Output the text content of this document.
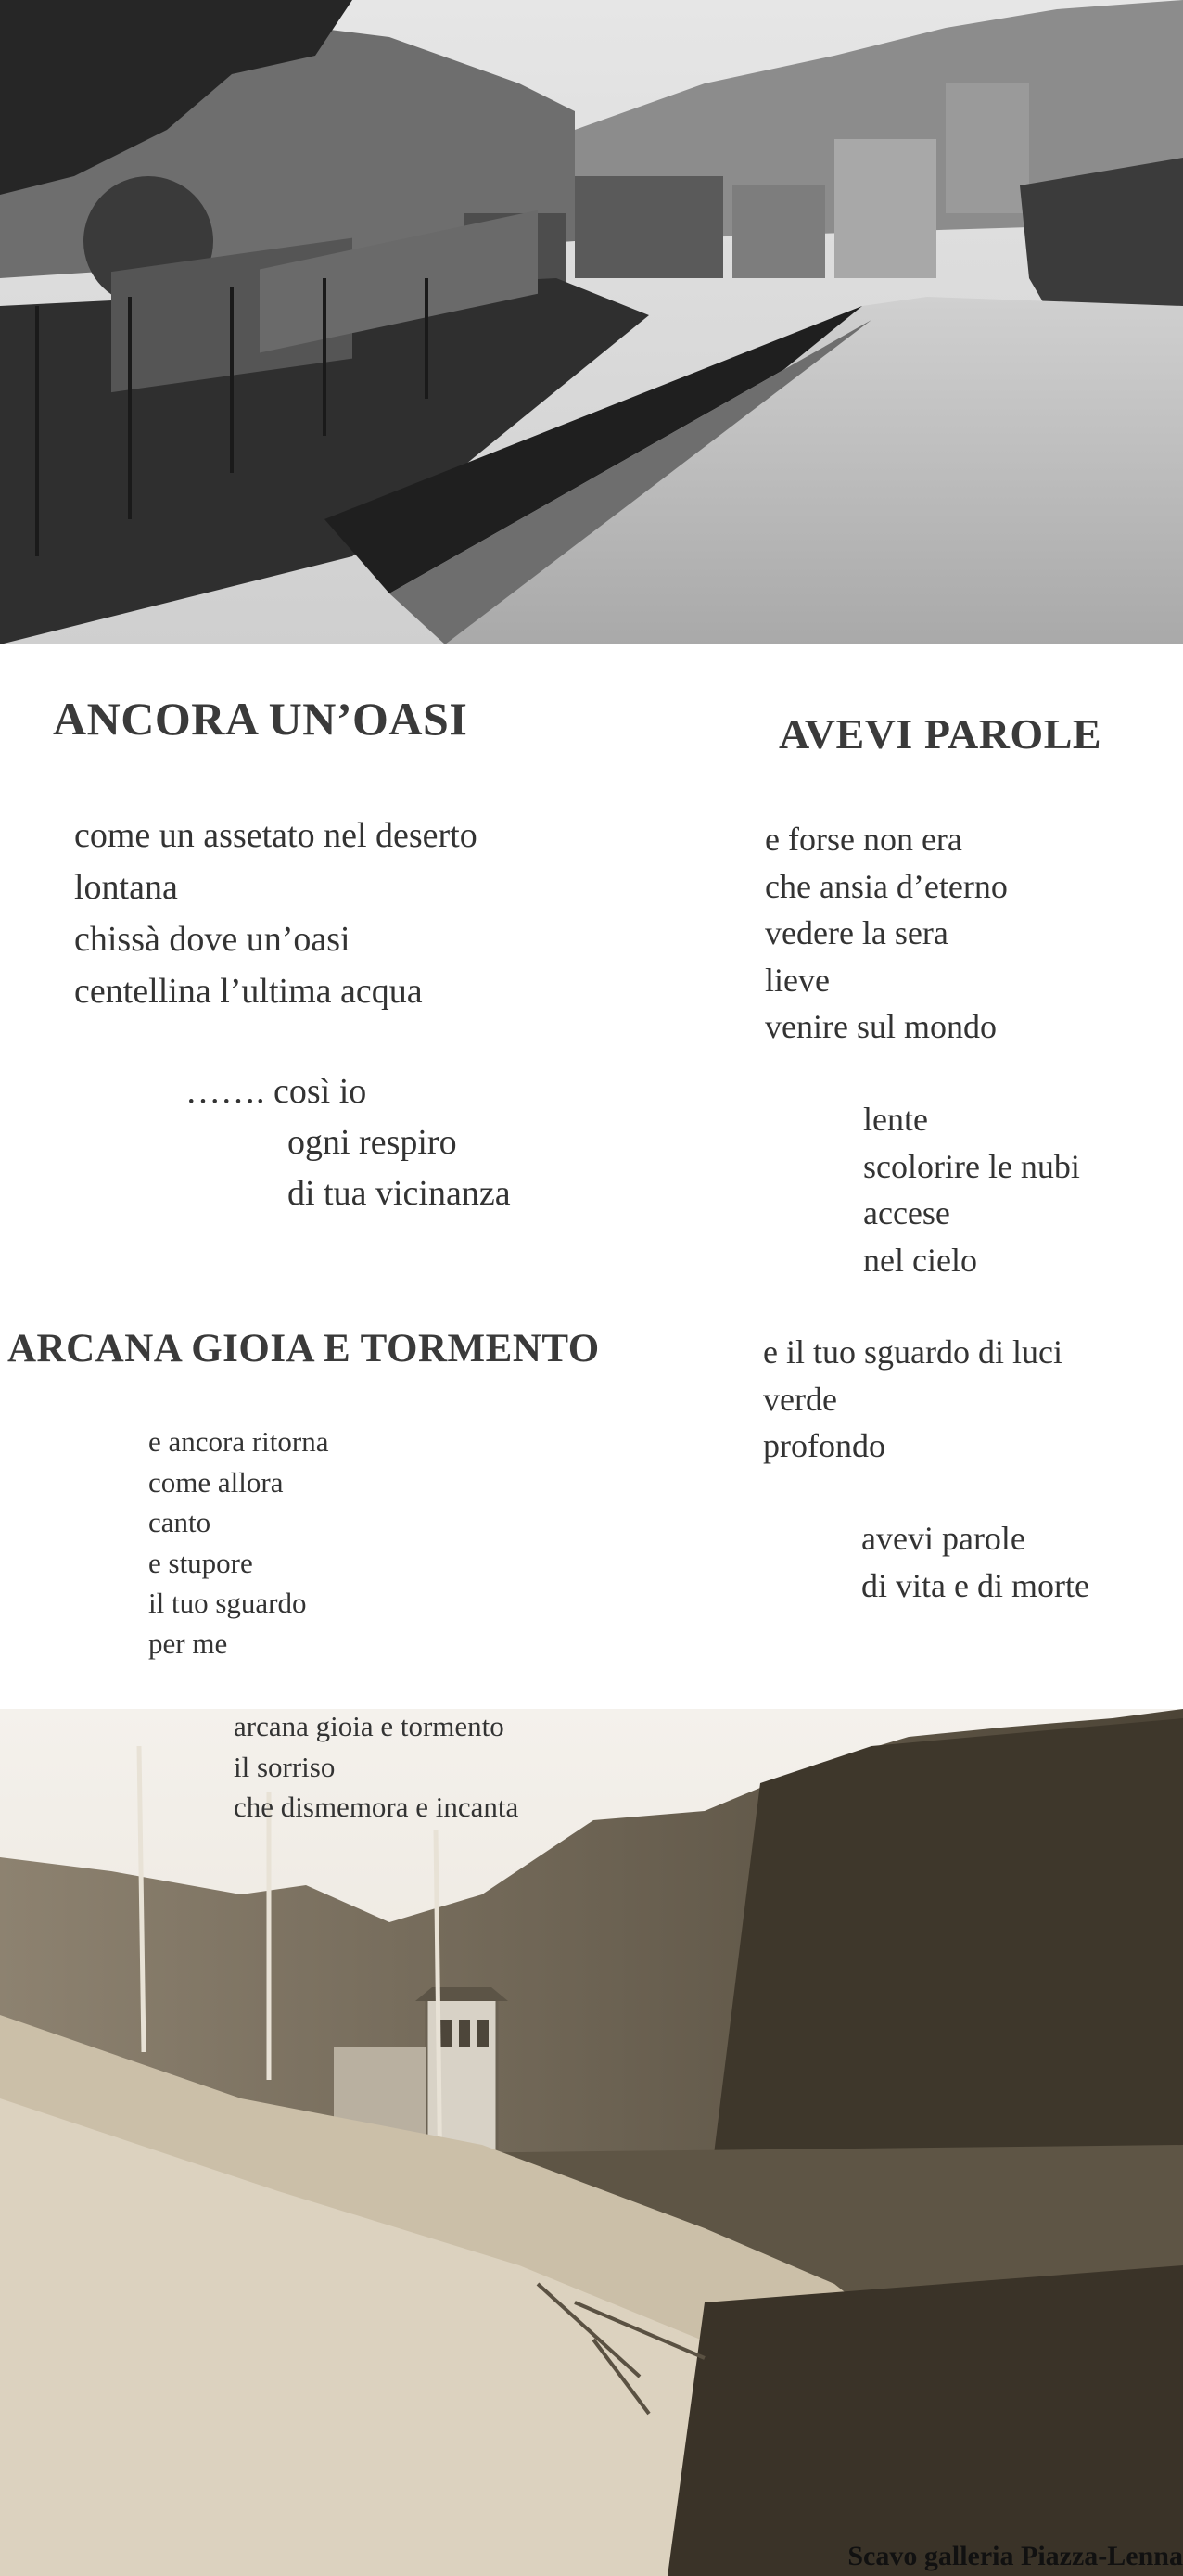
ANCORA UN’OASI
come un assetato nel deserto
lontana
chissà dove un’oasi
centellina l’ultima acqua
……. così io
ogni respiro
di tua vicinanza
AVEVI PAROLE
e forse non era
che ansia d’eterno
vedere la sera
lieve
venire sul mondo
lente
scolorire le nubi
accese
nel cielo
e il tuo sguardo di luci
verde
profondo
avevi parole
di vita e di morte
ARCANA GIOIA E TORMENTO
e ancora ritorna
come allora
canto
e stupore
il tuo sguardo
per me
arcana gioia e tormento
il sorriso
che dismemora e incanta
Scavo galleria Piazza-Lenna
